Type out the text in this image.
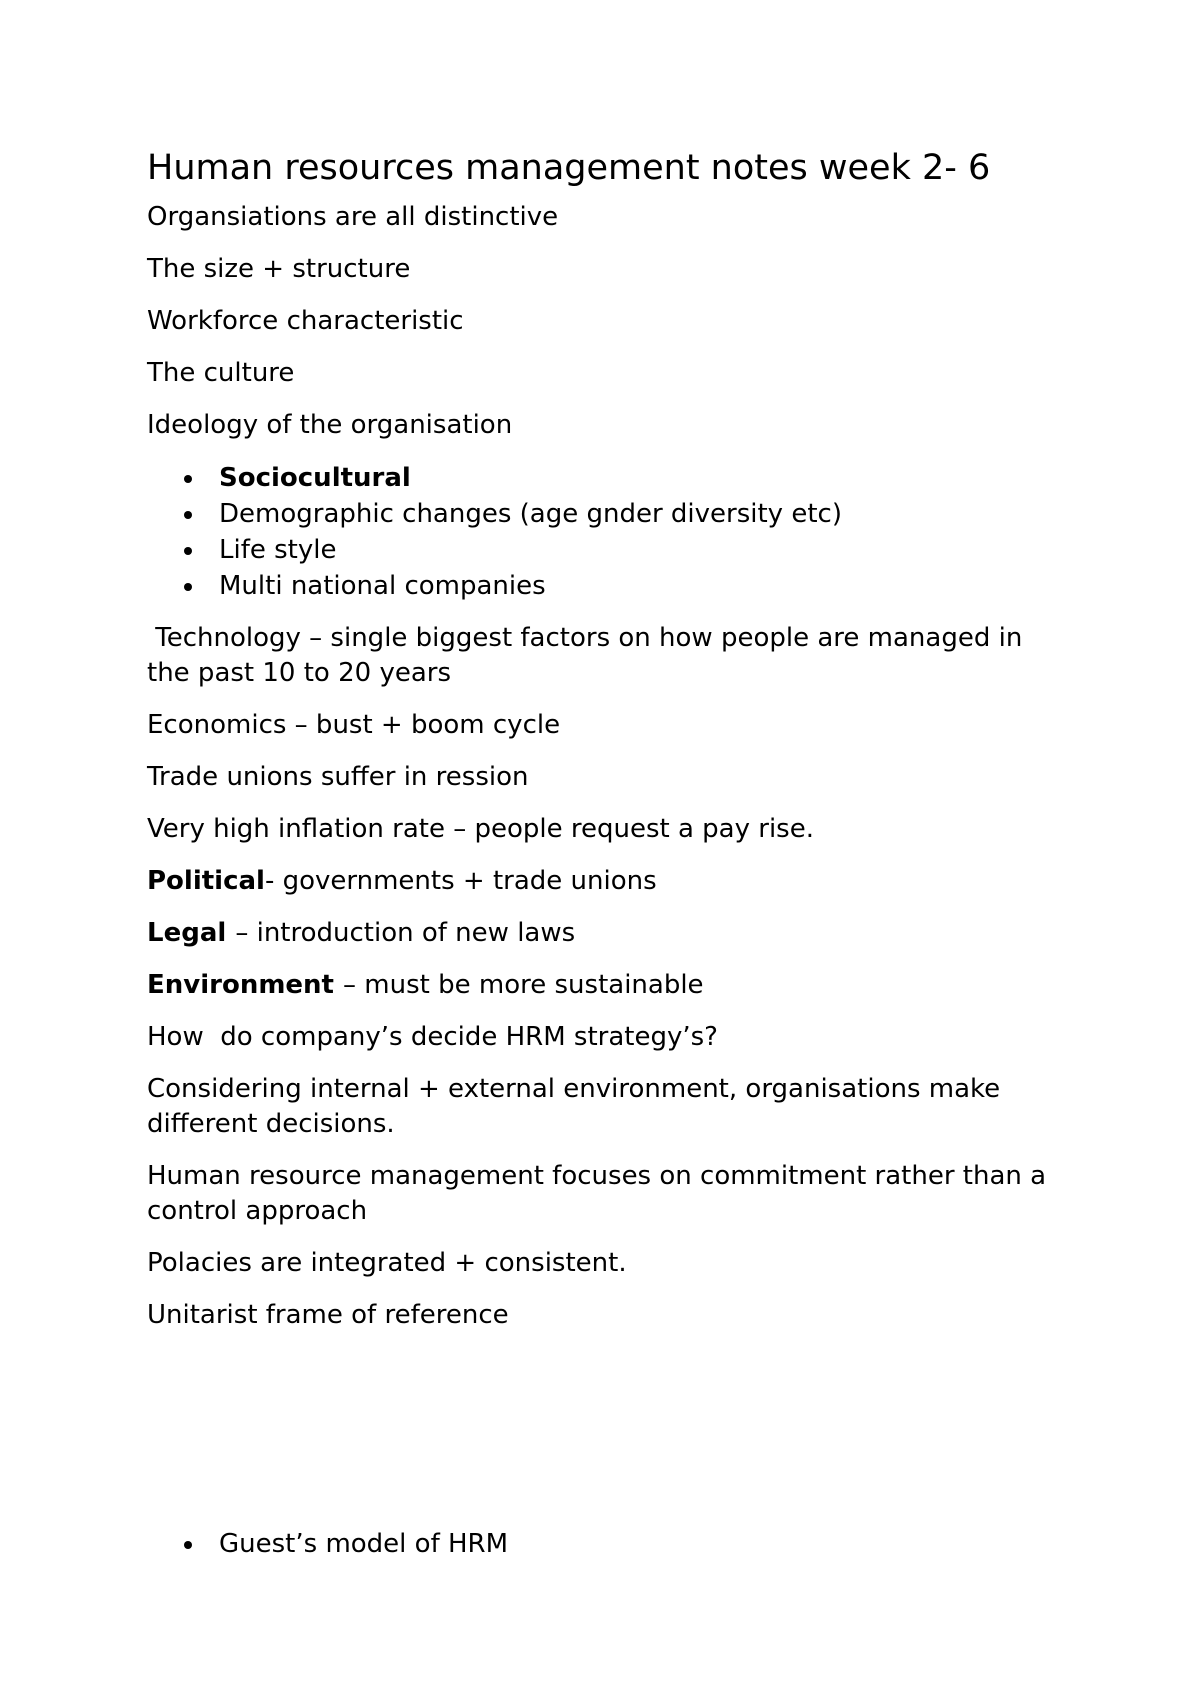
Human resources management notes week 2- 6

Organsiations are all distinctive

The size + structure

Workforce characteristic

The culture

Ideology of the organisation

Sociocultural
Demographic changes (age gnder diversity etc)
Life style
Multi national companies

Technology – single biggest factors on how people are managed in the past 10 to 20 years

Economics – bust + boom cycle

Trade unions suffer in ression

Very high inflation rate – people request a pay rise.

Political- governments + trade unions

Legal – introduction of new laws

Environment – must be more sustainable

How  do company’s decide HRM strategy’s?

Considering internal + external environment, organisations make different decisions.

Human resource management focuses on commitment rather than a control approach

Polacies are integrated + consistent.

Unitarist frame of reference

Guest’s model of HRM
